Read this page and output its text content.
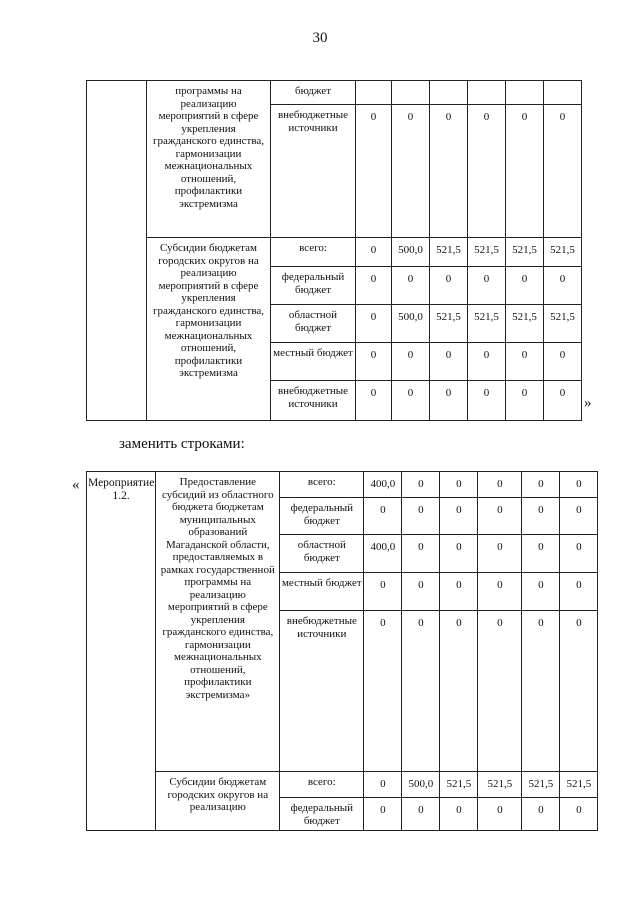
30
	программы на реализацию мероприятий в сфере укрепления гражданского единства, гармонизации межнациональных отношений, профилактики экстремизма	бюджет						
		внебюджетные источники	0	0	0	0	0	0
	Субсидии бюджетам городских округов на реализацию мероприятий в сфере укрепления гражданского единства, гармонизации межнациональных отношений, профилактики экстремизма	всего:	0	500,0	521,5	521,5	521,5	521,5
		федеральный бюджет	0	0	0	0	0	0
		областной бюджет	0	500,0	521,5	521,5	521,5	521,5
		местный бюджет	0	0	0	0	0	0
		внебюджетные источники	0	0	0	0	0	0
»
заменить строками:
« Мероприятие 1.2.	Предоставление субсидий из областного бюджета бюджетам муниципальных образований Магаданской области, предоставляемых в рамках государственной программы на реализацию мероприятий в сфере укрепления гражданского единства, гармонизации межнациональных отношений, профилактики экстремизма»	всего:	400,0	0	0	0	0	0
		федеральный бюджет	0	0	0	0	0	0
		областной бюджет	400,0	0	0	0	0	0
		местный бюджет	0	0	0	0	0	0
		внебюджетные источники	0	0	0	0	0	0
	Субсидии бюджетам городских округов на реализацию	всего:	0	500,0	521,5	521,5	521,5	521,5
		федеральный бюджет	0	0	0	0	0	0
